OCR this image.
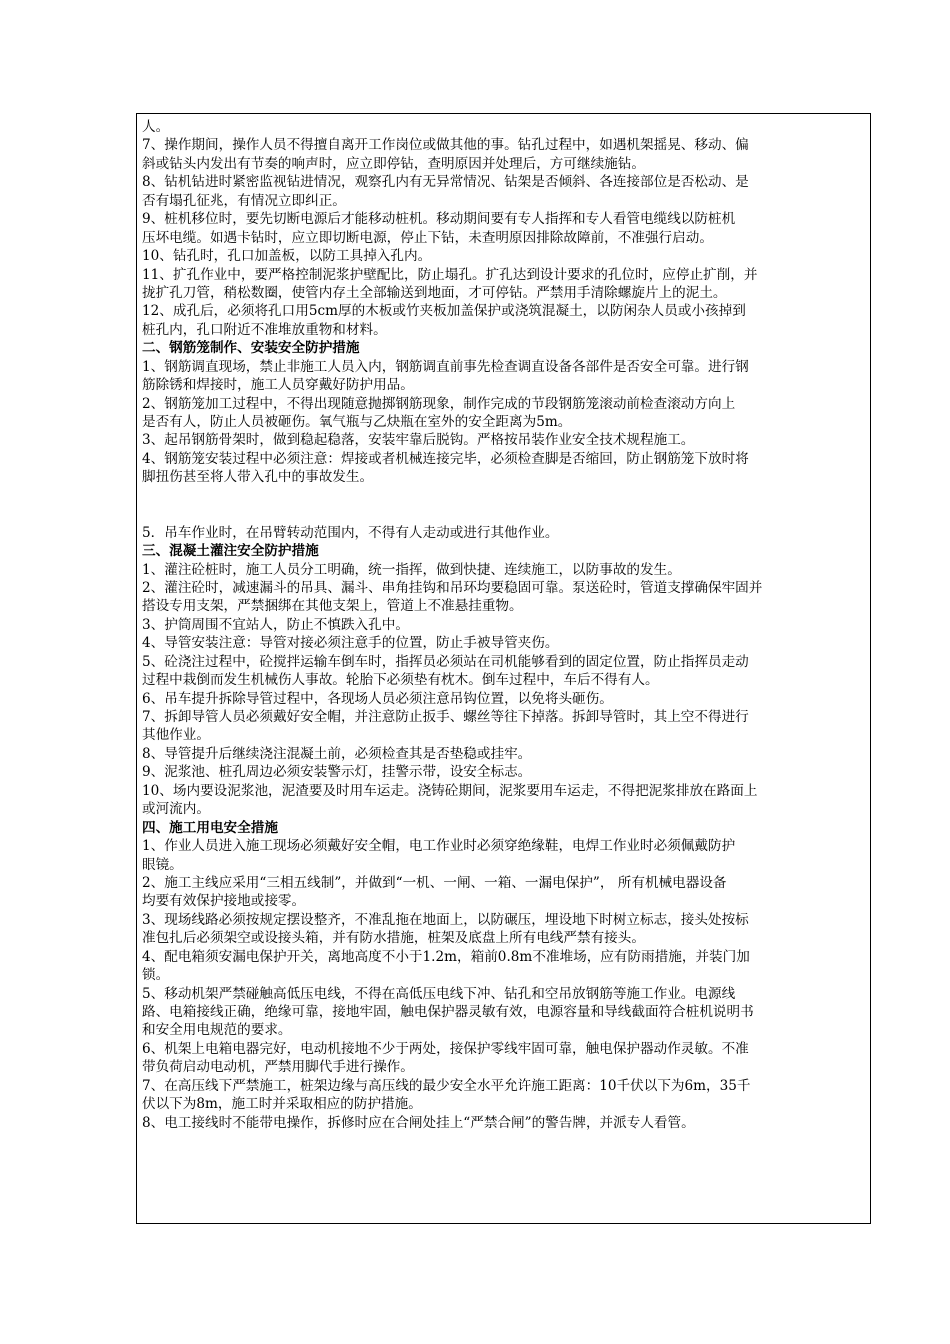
人。
7、操作期间，操作人员不得擅自离开工作岗位或做其他的事。钻孔过程中，如遇机架摇晃、移动、偏
斜或钻头内发出有节奏的响声时，应立即停钻，查明原因并处理后，方可继续施钻。
8、钻机钻进时紧密监视钻进情况，观察孔内有无异常情况、钻架是否倾斜、各连接部位是否松动、是
否有塌孔征兆，有情况立即纠正。
9、桩机移位时，要先切断电源后才能移动桩机。移动期间要有专人指挥和专人看管电缆线以防桩机
压坏电缆。如遇卡钻时，应立即切断电源，停止下钻，未查明原因排除故障前，不准强行启动。
10、钻孔时，孔口加盖板，以防工具掉入孔内。
11、扩孔作业中，要严格控制泥浆护壁配比，防止塌孔。扩孔达到设计要求的孔位时，应停止扩削，并
拢扩孔刀管，稍松数圈，使管内存土全部输送到地面，才可停钻。严禁用手清除螺旋片上的泥土。
12、成孔后，必须将孔口用5cm厚的木板或竹夹板加盖保护或浇筑混凝土，以防闲杂人员或小孩掉到
桩孔内，孔口附近不准堆放重物和材料。
二、钢筋笼制作、安装安全防护措施
1、钢筋调直现场，禁止非施工人员入内，钢筋调直前事先检查调直设备各部件是否安全可靠。进行钢
筋除锈和焊接时，施工人员穿戴好防护用品。
2、钢筋笼加工过程中，不得出现随意抛掷钢筋现象，制作完成的节段钢筋笼滚动前检查滚动方向上
是否有人，防止人员被砸伤。氧气瓶与乙炔瓶在室外的安全距离为5m。
3、起吊钢筋骨架时，做到稳起稳落，安装牢靠后脱钩。严格按吊装作业安全技术规程施工。
4、钢筋笼安装过程中必须注意：焊接或者机械连接完毕，必须检查脚是否缩回，防止钢筋笼下放时将
脚扭伤甚至将人带入孔中的事故发生。
5．吊车作业时，在吊臂转动范围内，不得有人走动或进行其他作业。
三、混凝土灌注安全防护措施
1、灌注砼桩时，施工人员分工明确，统一指挥，做到快捷、连续施工，以防事故的发生。
2、灌注砼时，减速漏斗的吊具、漏斗、串角挂钩和吊环均要稳固可靠。泵送砼时，管道支撑确保牢固并
搭设专用支架，严禁捆绑在其他支架上，管道上不准悬挂重物。
3、护筒周围不宜站人，防止不慎跌入孔中。
4、导管安装注意：导管对接必须注意手的位置，防止手被导管夹伤。
5、砼浇注过程中，砼搅拌运输车倒车时，指挥员必须站在司机能够看到的固定位置，防止指挥员走动
过程中栽倒而发生机械伤人事故。轮胎下必须垫有枕木。倒车过程中，车后不得有人。
6、吊车提升拆除导管过程中，各现场人员必须注意吊钩位置，以免将头砸伤。
7、拆卸导管人员必须戴好安全帽，并注意防止扳手、螺丝等往下掉落。拆卸导管时，其上空不得进行
其他作业。
8、导管提升后继续浇注混凝土前，必须检查其是否垫稳或挂牢。
9、泥浆池、桩孔周边必须安装警示灯，挂警示带，设安全标志。
10、场内要设泥浆池，泥渣要及时用车运走。浇铸砼期间，泥浆要用车运走，不得把泥浆排放在路面上
或河流内。
四、施工用电安全措施
1、作业人员进入施工现场必须戴好安全帽，电工作业时必须穿绝缘鞋，电焊工作业时必须佩戴防护
眼镜。
2、施工主线应采用“三相五线制”，并做到“一机、一闸、一箱、一漏电保护”， 所有机械电器设备
均要有效保护接地或接零。
3、现场线路必须按规定摆设整齐，不准乱拖在地面上，以防碾压，埋设地下时树立标志，接头处按标
准包扎后必须架空或设接头箱，并有防水措施，桩架及底盘上所有电线严禁有接头。
4、配电箱须安漏电保护开关，离地高度不小于1.2m，箱前0.8m不准堆场，应有防雨措施，并装门加
锁。
5、移动机架严禁碰触高低压电线，不得在高低压电线下冲、钻孔和空吊放钢筋等施工作业。电源线
路、电箱接线正确，绝缘可靠，接地牢固，触电保护器灵敏有效，电源容量和导线截面符合桩机说明书
和安全用电规范的要求。
6、机架上电箱电器完好，电动机接地不少于两处，接保护零线牢固可靠，触电保护器动作灵敏。不准
带负荷启动电动机，严禁用脚代手进行操作。
7、在高压线下严禁施工，桩架边缘与高压线的最少安全水平允许施工距离：10千伏以下为6m，35千
伏以下为8m，施工时并采取相应的防护措施。
8、电工接线时不能带电操作，拆修时应在合闸处挂上“严禁合闸”的警告牌，并派专人看管。
